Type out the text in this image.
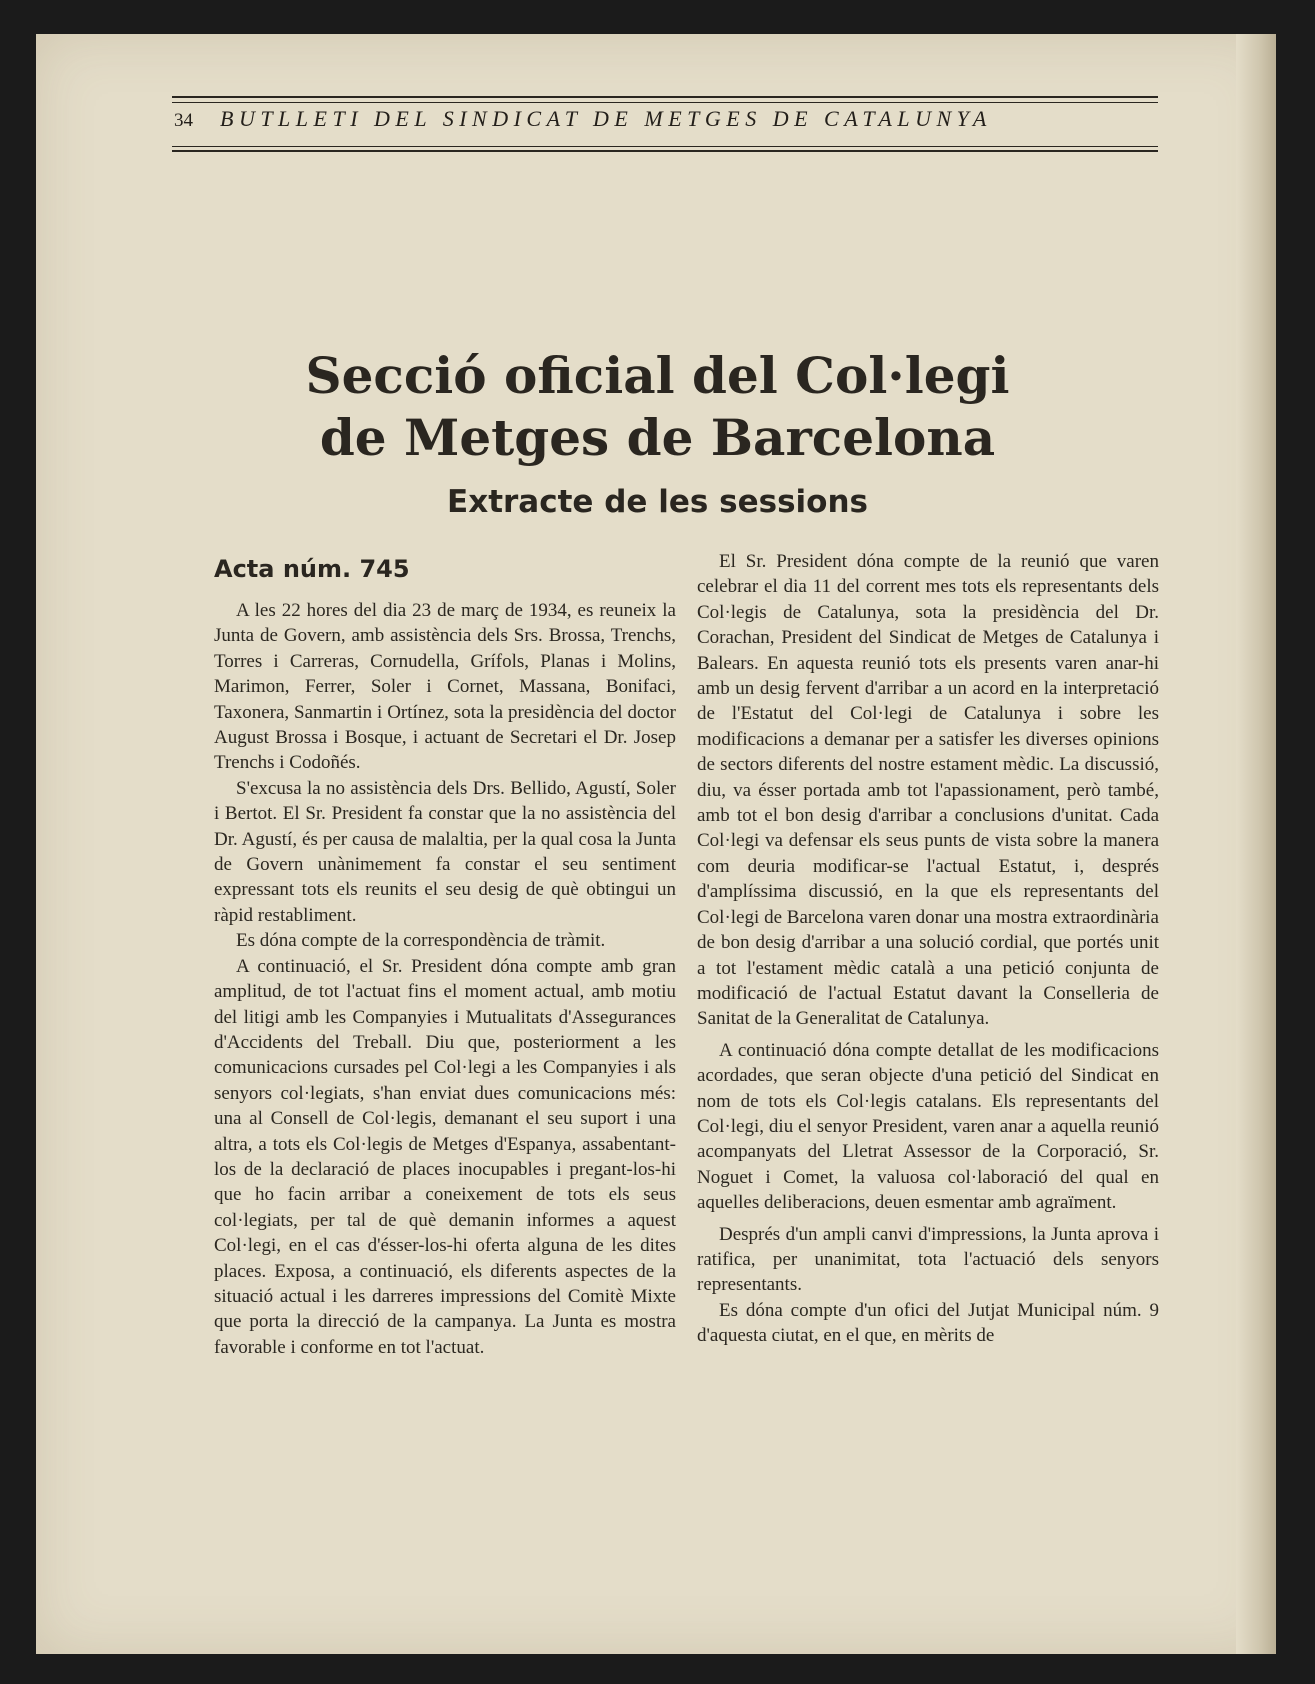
34 BUTLLETI DEL SINDICAT DE METGES DE CATALUNYA
Secció oficial del Col·legi
de Metges de Barcelona
Extracte de les sessions
Acta núm. 745

A les 22 hores del dia 23 de març de 1934, es reuneix la Junta de Govern, amb assistència dels Srs. Brossa, Trenchs, Torres i Carreras, Cornudella, Grífols, Planas i Molins, Marimon, Ferrer, Soler i Cornet, Massana, Bonifaci, Taxonera, Sanmartin i Ortínez, sota la presidència del doctor August Brossa i Bosque, i actuant de Secretari el Dr. Josep Trenchs i Codoñés.

S'excusa la no assistència dels Drs. Bellido, Agustí, Soler i Bertot. El Sr. President fa constar que la no assistència del Dr. Agustí, és per causa de malaltia, per la qual cosa la Junta de Govern unànimement fa constar el seu sentiment expressant tots els reunits el seu desig de què obtingui un ràpid restabliment.

Es dóna compte de la correspondència de tràmit.

A continuació, el Sr. President dóna compte amb gran amplitud, de tot l'actuat fins el moment actual, amb motiu del litigi amb les Companyies i Mutualitats d'Assegurances d'Accidents del Treball. Diu que, posteriorment a les comunicacions cursades pel Col·legi a les Companyies i als senyors col·legiats, s'han enviat dues comunicacions més: una al Consell de Col·legis, demanant el seu suport i una altra, a tots els Col·legis de Metges d'Espanya, assabentant-los de la declaració de places inocupables i pregant-los-hi que ho facin arribar a coneixement de tots els seus col·legiats, per tal de què demanin informes a aquest Col·legi, en el cas d'ésser-los-hi oferta alguna de les dites places. Exposa, a continuació, els diferents aspectes de la situació actual i les darreres impressions del Comitè Mixte que porta la direcció de la campanya. La Junta es mostra favorable i conforme en tot l'actuat.

El Sr. President dóna compte de la reunió que varen celebrar el dia 11 del corrent mes tots els representants dels Col·legis de Catalunya, sota la presidència del Dr. Corachan, President del Sindicat de Metges de Catalunya i Balears. En aquesta reunió tots els presents varen anar-hi amb un desig fervent d'arribar a un acord en la interpretació de l'Estatut del Col·legi de Catalunya i sobre les modificacions a demanar per a satisfer les diverses opinions de sectors diferents del nostre estament mèdic. La discussió, diu, va ésser portada amb tot l'apassionament, però també, amb tot el bon desig d'arribar a conclusions d'unitat. Cada Col·legi va defensar els seus punts de vista sobre la manera com deuria modificar-se l'actual Estatut, i, després d'amplíssima discussió, en la que els representants del Col·legi de Barcelona varen donar una mostra extraordinària de bon desig d'arribar a una solució cordial, que portés unit a tot l'estament mèdic català a una petició conjunta de modificació de l'actual Estatut davant la Conselleria de Sanitat de la Generalitat de Catalunya.

A continuació dóna compte detallat de les modificacions acordades, que seran objecte d'una petició del Sindicat en nom de tots els Col·legis catalans. Els representants del Col·legi, diu el senyor President, varen anar a aquella reunió acompanyats del Lletrat Assessor de la Corporació, Sr. Noguet i Comet, la valuosa col·laboració del qual en aquelles deliberacions, deuen esmentar amb agraïment.

Després d'un ampli canvi d'impressions, la Junta aprova i ratifica, per unanimitat, tota l'actuació dels senyors representants.

Es dóna compte d'un ofici del Jutjat Municipal núm. 9 d'aquesta ciutat, en el que, en mèrits de
